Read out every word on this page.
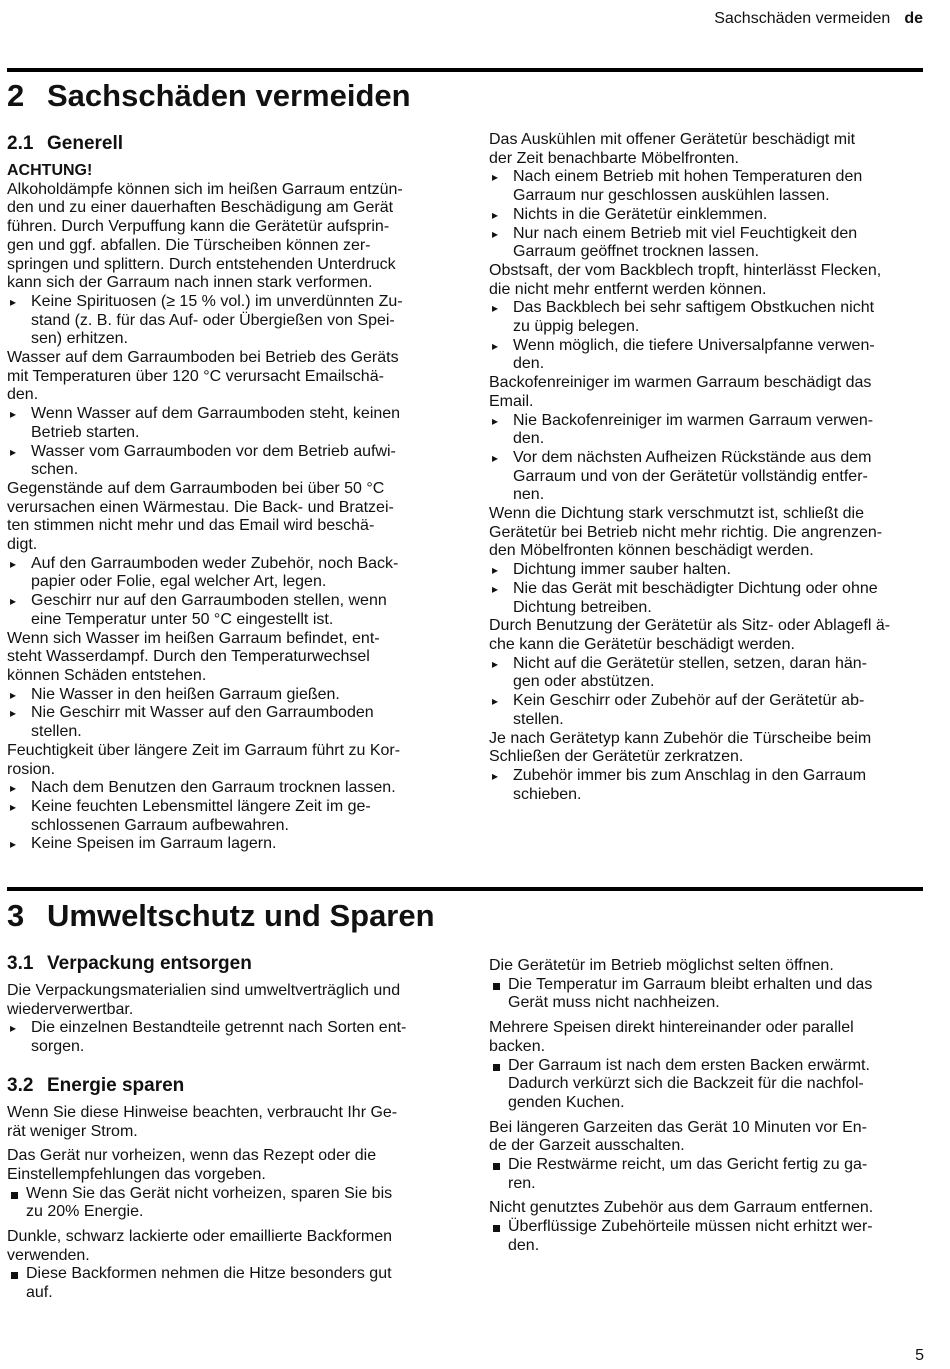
Sachschäden vermeiden de
2 Sachschäden vermeiden
2.1 Generell
ACHTUNG!
Alkoholdämpfe können sich im heißen Garraum entzün-
den und zu einer dauerhaften Beschädigung am Gerät
führen. Durch Verpuffung kann die Gerätetür aufsprin-
gen und ggf. abfallen. Die Türscheiben können zer-
springen und splittern. Durch entstehenden Unterdruck
kann sich der Garraum nach innen stark verformen.
▸ Keine Spirituosen (≥ 15 % vol.) im unverdünnten Zu-
stand (z. B. für das Auf- oder Übergießen von Spei-
sen) erhitzen.
Wasser auf dem Garraumboden bei Betrieb des Geräts
mit Temperaturen über 120 °C verursacht Emailschä-
den.
▸ Wenn Wasser auf dem Garraumboden steht, keinen
Betrieb starten.
▸ Wasser vom Garraumboden vor dem Betrieb aufwi-
schen.
Gegenstände auf dem Garraumboden bei über 50 °C
verursachen einen Wärmestau. Die Back- und Bratzei-
ten stimmen nicht mehr und das Email wird beschä-
digt.
▸ Auf den Garraumboden weder Zubehör, noch Back-
papier oder Folie, egal welcher Art, legen.
▸ Geschirr nur auf den Garraumboden stellen, wenn
eine Temperatur unter 50 °C eingestellt ist.
Wenn sich Wasser im heißen Garraum befindet, ent-
steht Wasserdampf. Durch den Temperaturwechsel
können Schäden entstehen.
▸ Nie Wasser in den heißen Garraum gießen.
▸ Nie Geschirr mit Wasser auf den Garraumboden
stellen.
Feuchtigkeit über längere Zeit im Garraum führt zu Kor-
rosion.
▸ Nach dem Benutzen den Garraum trocknen lassen.
▸ Keine feuchten Lebensmittel längere Zeit im ge-
schlossenen Garraum aufbewahren.
▸ Keine Speisen im Garraum lagern.
Das Auskühlen mit offener Gerätetür beschädigt mit
der Zeit benachbarte Möbelfronten.
▸ Nach einem Betrieb mit hohen Temperaturen den
Garraum nur geschlossen auskühlen lassen.
▸ Nichts in die Gerätetür einklemmen.
▸ Nur nach einem Betrieb mit viel Feuchtigkeit den
Garraum geöffnet trocknen lassen.
Obstsaft, der vom Backblech tropft, hinterlässt Flecken,
die nicht mehr entfernt werden können.
▸ Das Backblech bei sehr saftigem Obstkuchen nicht
zu üppig belegen.
▸ Wenn möglich, die tiefere Universalpfanne verwen-
den.
Backofenreiniger im warmen Garraum beschädigt das
Email.
▸ Nie Backofenreiniger im warmen Garraum verwen-
den.
▸ Vor dem nächsten Aufheizen Rückstände aus dem
Garraum und von der Gerätetür vollständig entfer-
nen.
Wenn die Dichtung stark verschmutzt ist, schließt die
Gerätetür bei Betrieb nicht mehr richtig. Die angrenzen-
den Möbelfronten können beschädigt werden.
▸ Dichtung immer sauber halten.
▸ Nie das Gerät mit beschädigter Dichtung oder ohne
Dichtung betreiben.
Durch Benutzung der Gerätetür als Sitz- oder Ablagefl ä-
che kann die Gerätetür beschädigt werden.
▸ Nicht auf die Gerätetür stellen, setzen, daran hän-
gen oder abstützen.
▸ Kein Geschirr oder Zubehör auf der Gerätetür ab-
stellen.
Je nach Gerätetyp kann Zubehör die Türscheibe beim
Schließen der Gerätetür zerkratzen.
▸ Zubehör immer bis zum Anschlag in den Garraum
schieben.
3 Umweltschutz und Sparen
3.1 Verpackung entsorgen
Die Verpackungsmaterialien sind umweltverträglich und
wiederverwertbar.
▸ Die einzelnen Bestandteile getrennt nach Sorten ent-
sorgen.
3.2 Energie sparen
Wenn Sie diese Hinweise beachten, verbraucht Ihr Ge-
rät weniger Strom.
Das Gerät nur vorheizen, wenn das Rezept oder die
Einstellempfehlungen das vorgeben.
Wenn Sie das Gerät nicht vorheizen, sparen Sie bis
zu 20% Energie.
Dunkle, schwarz lackierte oder emaillierte Backformen
verwenden.
Diese Backformen nehmen die Hitze besonders gut
auf.
Die Gerätetür im Betrieb möglichst selten öffnen.
Die Temperatur im Garraum bleibt erhalten und das
Gerät muss nicht nachheizen.
Mehrere Speisen direkt hintereinander oder parallel
backen.
Der Garraum ist nach dem ersten Backen erwärmt.
Dadurch verkürzt sich die Backzeit für die nachfol-
genden Kuchen.
Bei längeren Garzeiten das Gerät 10 Minuten vor En-
de der Garzeit ausschalten.
Die Restwärme reicht, um das Gericht fertig zu ga-
ren.
Nicht genutztes Zubehör aus dem Garraum entfernen.
Überflüssige Zubehörteile müssen nicht erhitzt wer-
den.
5
